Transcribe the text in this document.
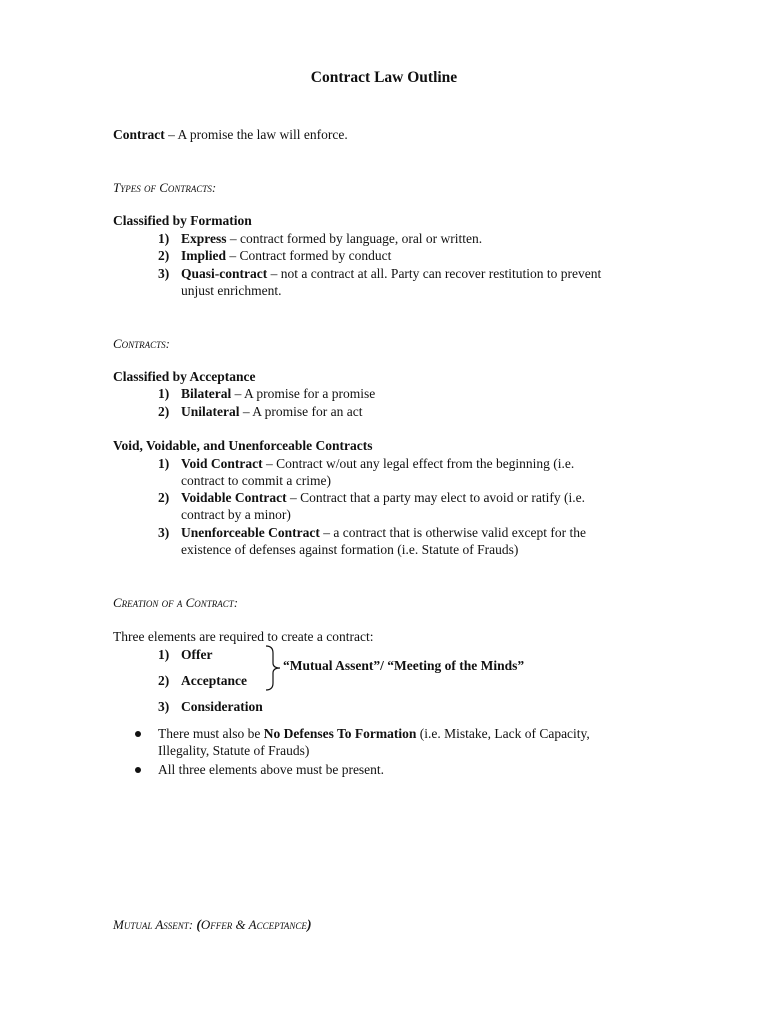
Contract Law Outline
Contract – A promise the law will enforce.
Types of Contracts:
Classified by Formation
1) Express – contract formed by language, oral or written.
2) Implied – Contract formed by conduct
3) Quasi-contract – not a contract at all. Party can recover restitution to prevent
unjust enrichment.
Contracts:
Classified by Acceptance
1) Bilateral – A promise for a promise
2) Unilateral – A promise for an act
Void, Voidable, and Unenforceable Contracts
1) Void Contract – Contract w/out any legal effect from the beginning (i.e.
contract to commit a crime)
2) Voidable Contract – Contract that a party may elect to avoid or ratify (i.e.
contract by a minor)
3) Unenforceable Contract – a contract that is otherwise valid except for the
existence of defenses against formation (i.e. Statute of Frauds)
Creation of a Contract:
Three elements are required to create a contract:
1) Offer
2) Acceptance
3) Consideration
“Mutual Assent”/ “Meeting of the Minds”
There must also be No Defenses To Formation (i.e. Mistake, Lack of Capacity,
Illegality, Statute of Frauds)
All three elements above must be present.
Mutual Assent: (Offer & Acceptance)
